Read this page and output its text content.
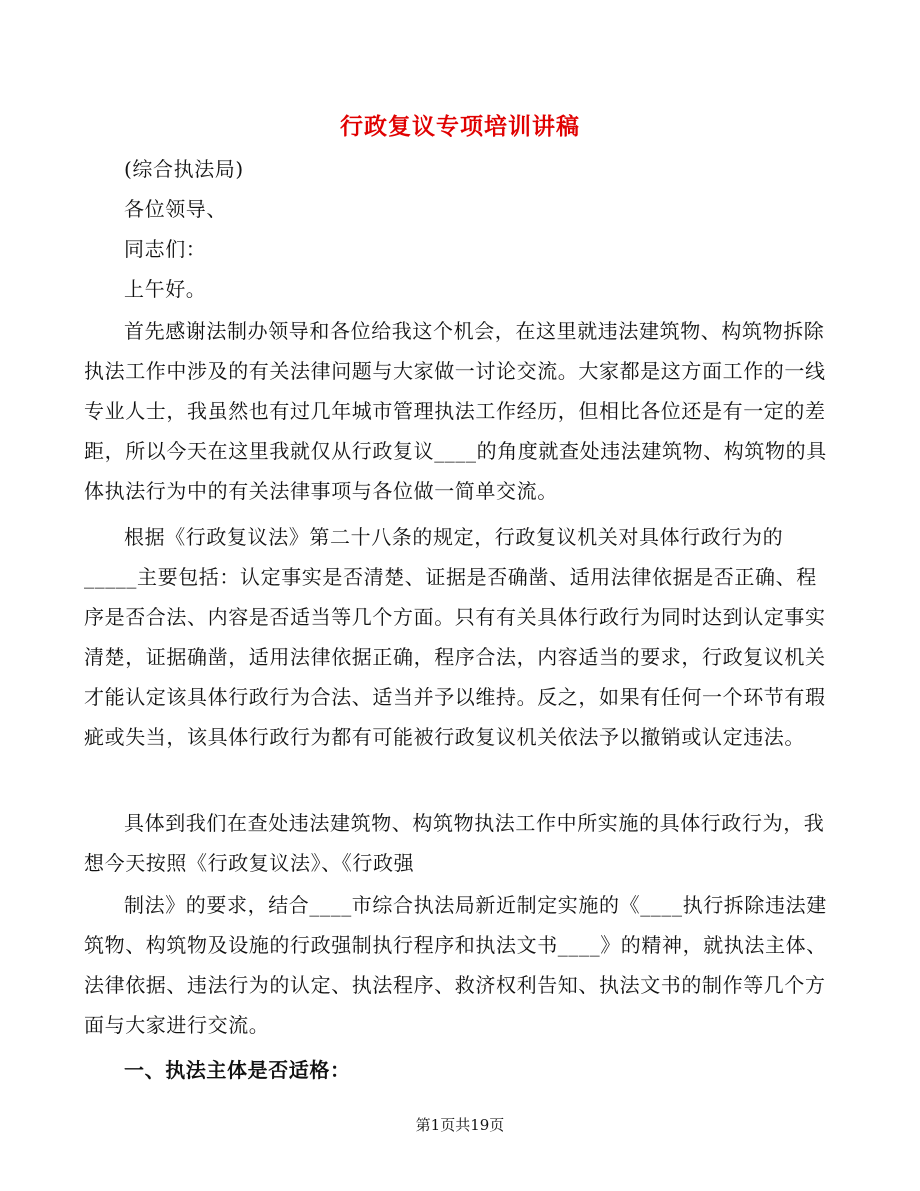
行政复议专项培训讲稿
(综合执法局)
各位领导、
同志们：
上午好。
首先感谢法制办领导和各位给我这个机会，在这里就违法建筑物、构筑物拆除执法工作中涉及的有关法律问题与大家做一讨论交流。大家都是这方面工作的一线专业人士，我虽然也有过几年城市管理执法工作经历，但相比各位还是有一定的差距，所以今天在这里我就仅从行政复议____的角度就查处违法建筑物、构筑物的具体执法行为中的有关法律事项与各位做一简单交流。
根据《行政复议法》第二十八条的规定，行政复议机关对具体行政行为的_____主要包括：认定事实是否清楚、证据是否确凿、适用法律依据是否正确、程序是否合法、内容是否适当等几个方面。只有有关具体行政行为同时达到认定事实清楚，证据确凿，适用法律依据正确，程序合法，内容适当的要求，行政复议机关才能认定该具体行政行为合法、适当并予以维持。反之，如果有任何一个环节有瑕疵或失当，该具体行政行为都有可能被行政复议机关依法予以撤销或认定违法。
具体到我们在查处违法建筑物、构筑物执法工作中所实施的具体行政行为，我想今天按照《行政复议法》、《行政强
制法》的要求，结合____市综合执法局新近制定实施的《____执行拆除违法建筑物、构筑物及设施的行政强制执行程序和执法文书____》的精神，就执法主体、法律依据、违法行为的认定、执法程序、救济权利告知、执法文书的制作等几个方面与大家进行交流。
一、执法主体是否适格：
第1页共19页
